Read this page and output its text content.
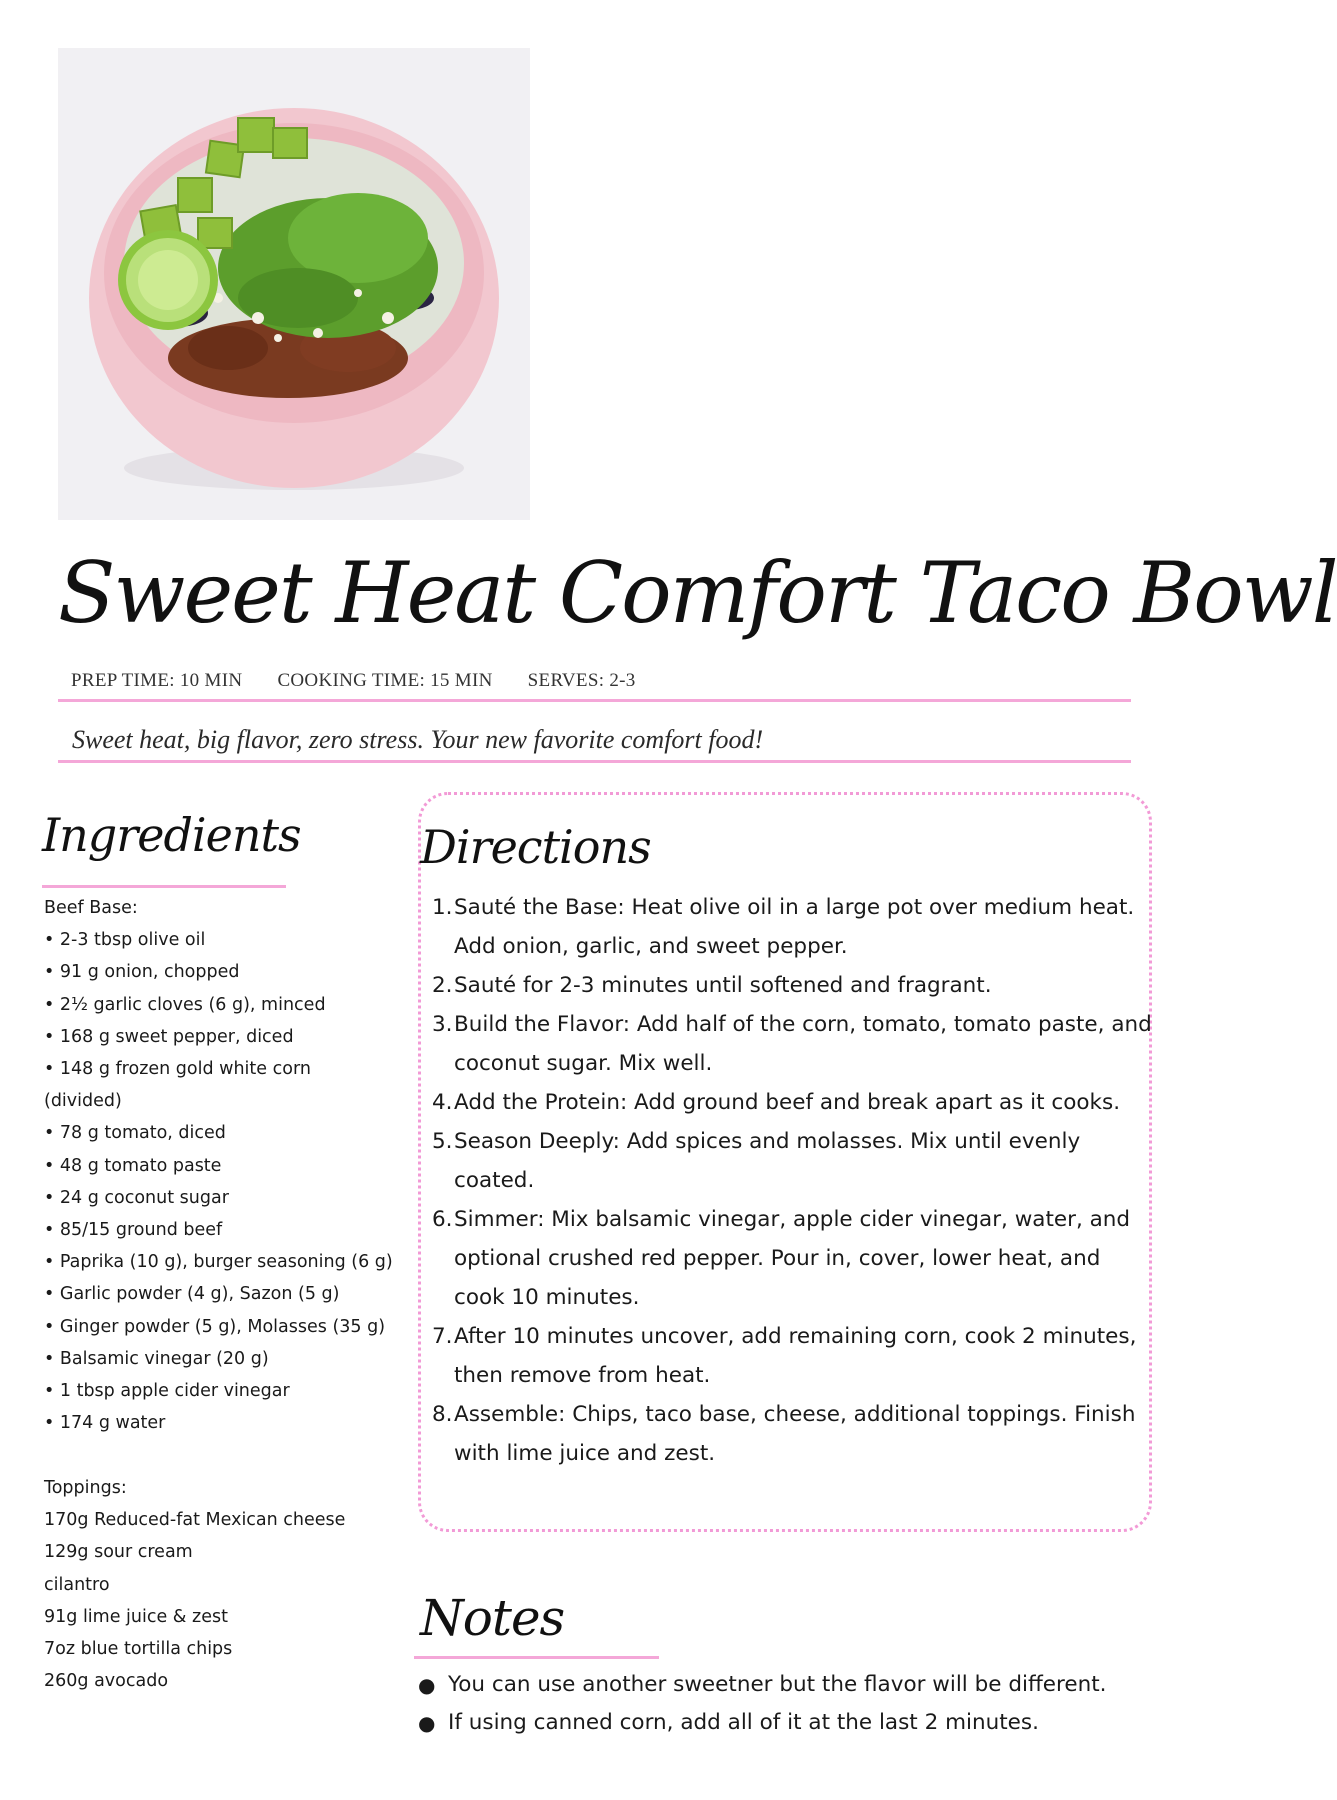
Sweet Heat Comfort Taco Bowl
PREP TIME: 10 MIN COOKING TIME: 15 MIN SERVES: 2-3
Sweet heat, big flavor, zero stress. Your new favorite comfort food!
Ingredients
Beef Base:
• 2-3 tbsp olive oil
• 91 g onion, chopped
• 2½ garlic cloves (6 g), minced
• 168 g sweet pepper, diced
• 148 g frozen gold white corn
(divided)
• 78 g tomato, diced
• 48 g tomato paste
• 24 g coconut sugar
• 85/15 ground beef
• Paprika (10 g), burger seasoning (6 g)
• Garlic powder (4 g), Sazon (5 g)
• Ginger powder (5 g), Molasses (35 g)
• Balsamic vinegar (20 g)
• 1 tbsp apple cider vinegar
• 174 g water
Toppings:
170g Reduced-fat Mexican cheese
129g sour cream
cilantro
91g lime juice & zest
7oz blue tortilla chips
260g avocado
Directions
1. Sauté the Base: Heat olive oil in a large pot over medium heat. Add onion, garlic, and sweet pepper.
2. Sauté for 2-3 minutes until softened and fragrant.
3. Build the Flavor: Add half of the corn, tomato, tomato paste, and coconut sugar. Mix well.
4. Add the Protein: Add ground beef and break apart as it cooks.
5. Season Deeply: Add spices and molasses. Mix until evenly coated.
6. Simmer: Mix balsamic vinegar, apple cider vinegar, water, and optional crushed red pepper. Pour in, cover, lower heat, and cook 10 minutes.
7. After 10 minutes uncover, add remaining corn, cook 2 minutes, then remove from heat.
8. Assemble: Chips, taco base, cheese, additional toppings. Finish with lime juice and zest.
Notes
● You can use another sweetner but the flavor will be different.
● If using canned corn, add all of it at the last 2 minutes.
